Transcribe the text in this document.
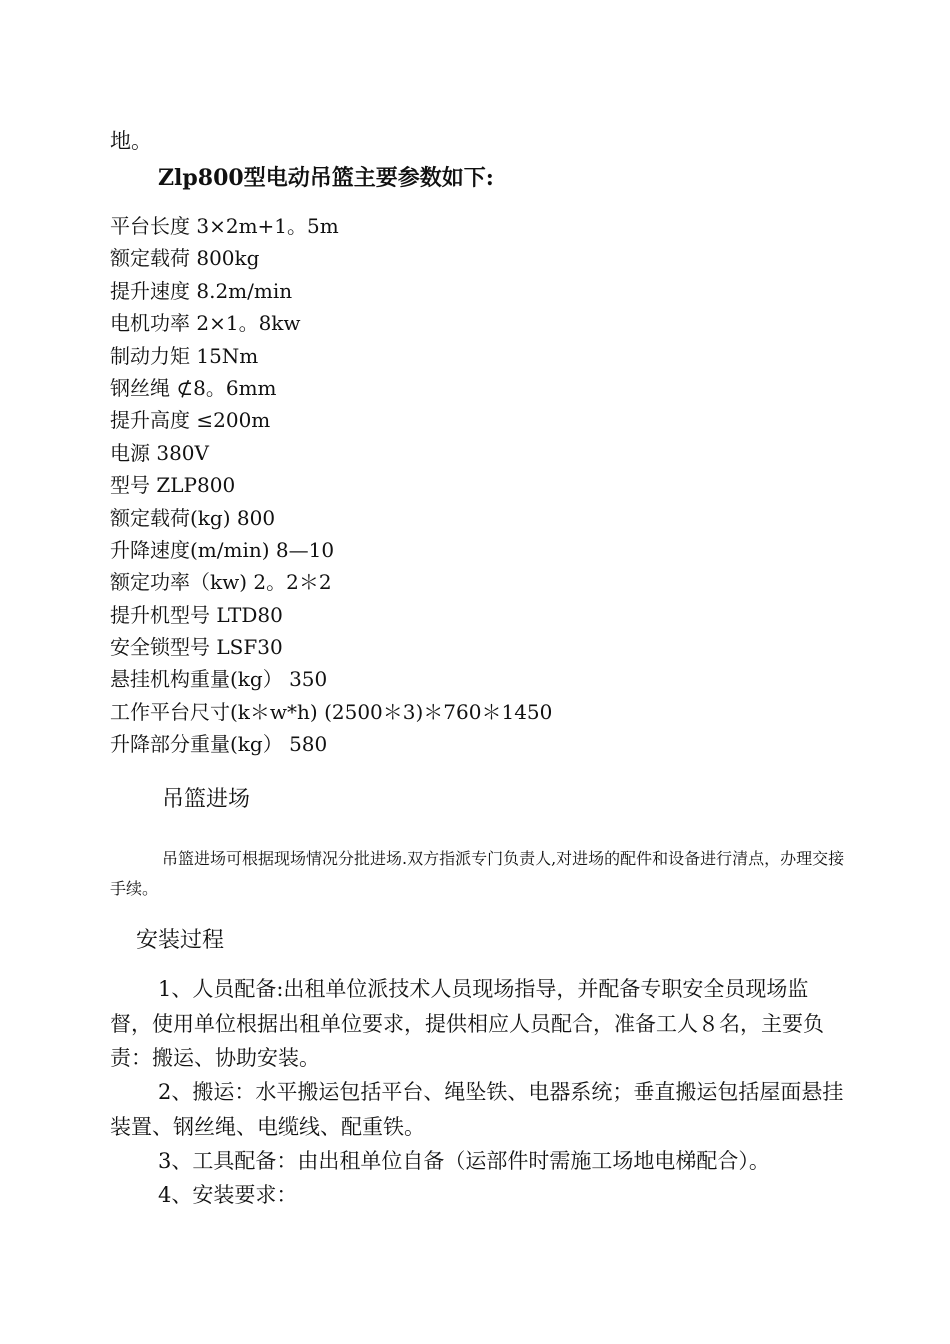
地。
Zlp800型电动吊篮主要参数如下:
平台长度 3×2m+1。5m
额定载荷 800kg
提升速度 8.2m/min
电机功率 2×1。8kw
制动力矩 15Nm
钢丝绳 ⊄8。6mm
提升高度 ≤200m
电源 380V
型号 ZLP800
额定载荷(kg) 800
升降速度(m/min) 8—10
额定功率（kw) 2。2＊2
提升机型号 LTD80
安全锁型号 LSF30
悬挂机构重量(kg） 350
工作平台尺寸(k＊w*h) (2500＊3)＊760＊1450
升降部分重量(kg） 580
吊篮进场

吊篮进场可根据现场情况分批进场.双方指派专门负责人,对进场的配件和设备进行清点，办理交接手续。

安装过程

1、人员配备:出租单位派技术人员现场指导，并配备专职安全员现场监督，使用单位根据出租单位要求，提供相应人员配合，准备工人８名，主要负责：搬运、协助安装。

2、搬运：水平搬运包括平台、绳坠铁、电器系统；垂直搬运包括屋面悬挂装置、钢丝绳、电缆线、配重铁。

3、工具配备：由出租单位自备（运部件时需施工场地电梯配合）。

4、安装要求：
